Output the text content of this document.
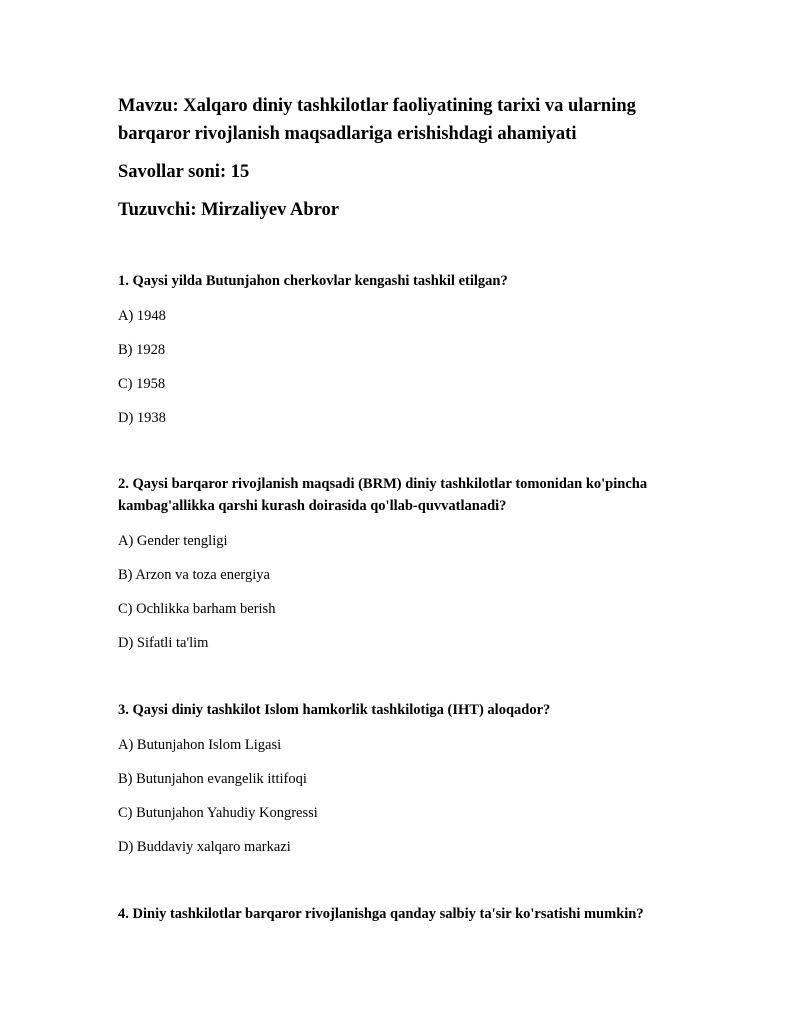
Mavzu: Xalqaro diniy tashkilotlar faoliyatining tarixi va ularning barqaror rivojlanish maqsadlariga erishishdagi ahamiyati

Savollar soni: 15

Tuzuvchi: Mirzaliyev Abror

1. Qaysi yilda Butunjahon cherkovlar kengashi tashkil etilgan?

A) 1948

B) 1928

C) 1958

D) 1938

2. Qaysi barqaror rivojlanish maqsadi (BRM) diniy tashkilotlar tomonidan ko'pincha kambag'allikka qarshi kurash doirasida qo'llab-quvvatlanadi?

A) Gender tengligi

B) Arzon va toza energiya

C) Ochlikka barham berish

D) Sifatli ta'lim

3. Qaysi diniy tashkilot Islom hamkorlik tashkilotiga (IHT) aloqador?

A) Butunjahon Islom Ligasi

B) Butunjahon evangelik ittifoqi

C) Butunjahon Yahudiy Kongressi

D) Buddaviy xalqaro markazi

4. Diniy tashkilotlar barqaror rivojlanishga qanday salbiy ta'sir ko'rsatishi mumkin?
